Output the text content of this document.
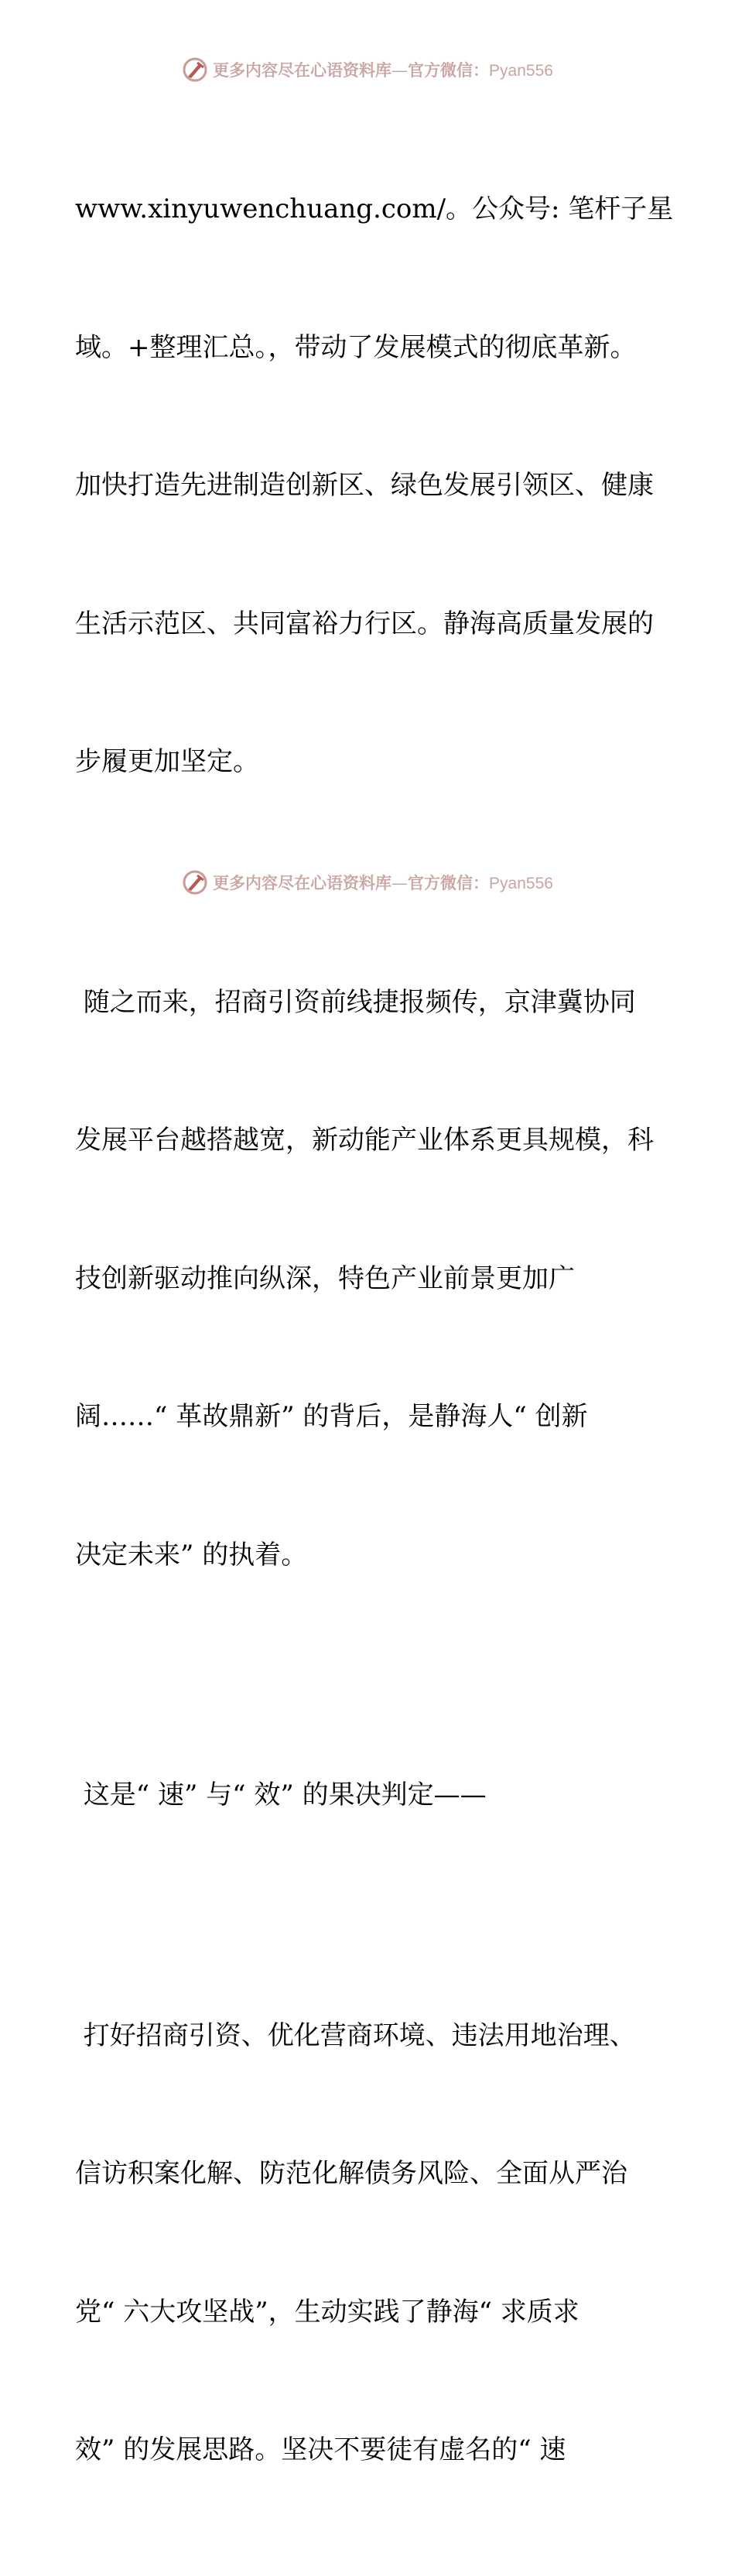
更多内容尽在心语资料库—官方微信：Pyan556

www.xinyuwenchuang.com/。公众号: 笔杆子星

域。+整理汇总。，带动了发展模式的彻底革新。

加快打造先进制造创新区、绿色发展引领区、健康

生活示范区、共同富裕力行区。静海高质量发展的

步履更加坚定。

随之而来，招商引资前线捷报频传，京津冀协同

发展平台越搭越宽，新动能产业体系更具规模，科

技创新驱动推向纵深，特色产业前景更加广

阔……“ 革故鼎新” 的背后，是静海人“ 创新

决定未来” 的执着。

这是“ 速” 与“ 效” 的果决判定——

打好招商引资、优化营商环境、违法用地治理、

信访积案化解、防范化解债务风险、全面从严治

党“ 六大攻坚战”，生动实践了静海“ 求质求

效” 的发展思路。坚决不要徒有虚名的“ 速

更多内容尽在心语资料库—官方微信：Pyan556
